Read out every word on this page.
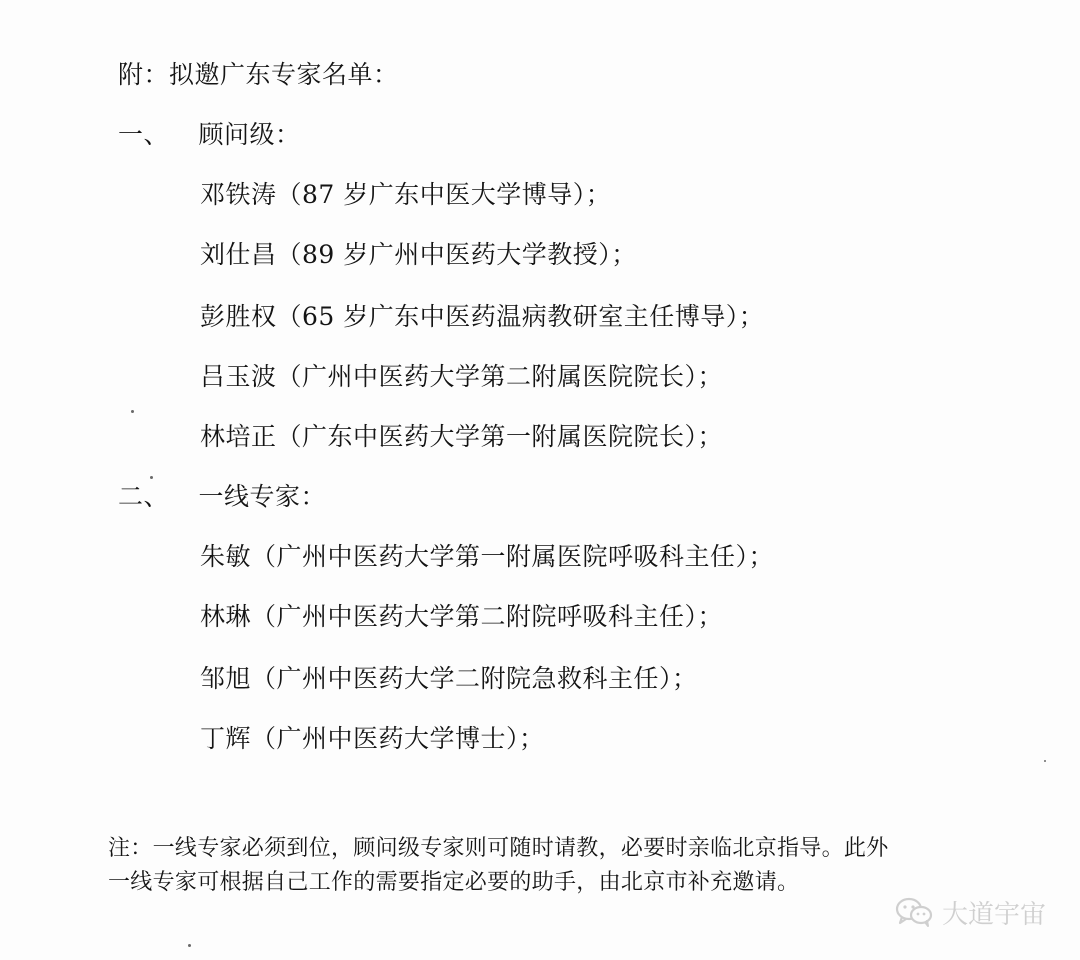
附：拟邀广东专家名单：
一、 顾问级：
邓铁涛（87 岁广东中医大学博导）；
刘仕昌（89 岁广州中医药大学教授）；
彭胜权（65 岁广东中医药温病教研室主任博导）；
吕玉波（广州中医药大学第二附属医院院长）；
林培正（广东中医药大学第一附属医院院长）；
二、 一线专家：
朱敏（广州中医药大学第一附属医院呼吸科主任）；
林琳（广州中医药大学第二附院呼吸科主任）；
邹旭（广州中医药大学二附院急救科主任）；
丁辉（广州中医药大学博士）；
注：一线专家必须到位，顾问级专家则可随时请教，必要时亲临北京指导。此外
一线专家可根据自己工作的需要指定必要的助手，由北京市补充邀请。
大道宇宙
